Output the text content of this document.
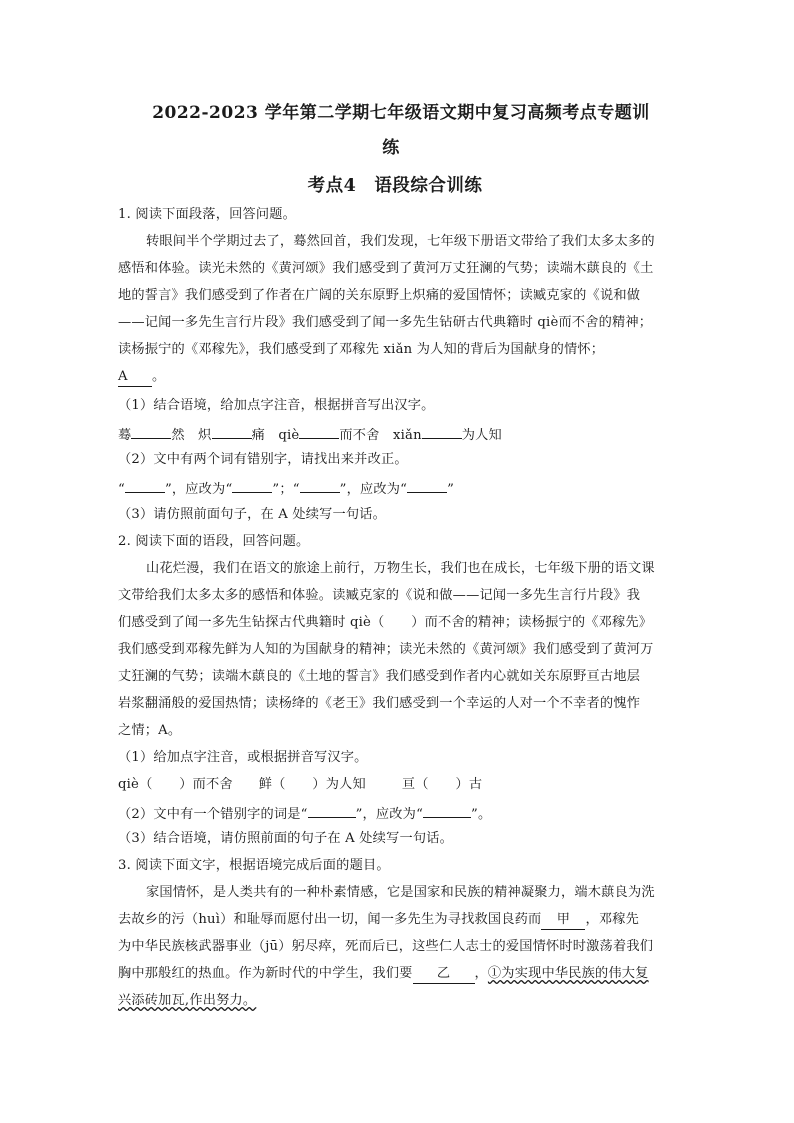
2022-2023 学年第二学期七年级语文期中复习高频考点专题训
练
考点4　语段综合训练
1. 阅读下面段落，回答问题。
转眼间半个学期过去了，蓦然回首，我们发现，七年级下册语文带给了我们太多太多的
感悟和体验。读光未然的《黄河颂》我们感受到了黄河万丈狂澜的气势；读端木蕻良的《土
地的誓言》我们感受到了作者在广阔的关东原野上炽痛的爱国情怀；读臧克家的《说和做
——记闻一多先生言行片段》我们感受到了闻一多先生钻研古代典籍时 qiè而不舍的精神；
读杨振宁的《邓稼先》，我们感受到了邓稼先 xiǎn 为人知的背后为国献身的情怀；
A 。
（1）结合语境，给加点字注音，根据拼音写出汉字。
蓦	然　炽	痛　qiè	而不舍　xiǎn	为人知
（2）文中有两个词有错别字，请找出来并改正。
“	”，应改为“	”；“	”，应改为“	”
（3）请仿照前面句子，在 A 处续写一句话。
2. 阅读下面的语段，回答问题。
山花烂漫，我们在语文的旅途上前行，万物生长，我们也在成长，七年级下册的语文课
文带给我们太多太多的感悟和体验。读臧克家的《说和做——记闻一多先生言行片段》我
们感受到了闻一多先生钻探古代典籍时 qiè（　　）而不舍的精神；读杨振宁的《邓稼先》
我们感受到邓稼先鲜为人知的为国献身的精神；读光未然的《黄河颂》我们感受到了黄河万
丈狂澜的气势；读端木蕻良的《土地的誓言》我们感受到作者内心就如关东原野亘古地层
岩浆翻涌般的爱国热情；读杨绛的《老王》我们感受到一个幸运的人对一个不幸者的愧怍
之情；A。
（1）给加点字注音，或根据拼音写汉字。
qiè（　　）而不舍 鲜（　　）为人知	亘（　　）古
（2）文中有一个错别字的词是“	”，应改为“	”。
（3）结合语境，请仿照前面的句子在 A 处续写一句话。
3. 阅读下面文字，根据语境完成后面的题目。
家国情怀，是人类共有的一种朴素情感，它是国家和民族的精神凝聚力，端木蕻良为洗
去故乡的污（huì）和耻辱而愿付出一切，闻一多先生为寻找救国良药而 甲 ，邓稼先
为中华民族核武器事业（jū）躬尽瘁，死而后已，这些仁人志士的爱国情怀时时激荡着我们
胸中那般红的热血。作为新时代的中学生，我们要 乙 ，①为实现中华民族的伟大复
兴添砖加瓦,作出努力。
